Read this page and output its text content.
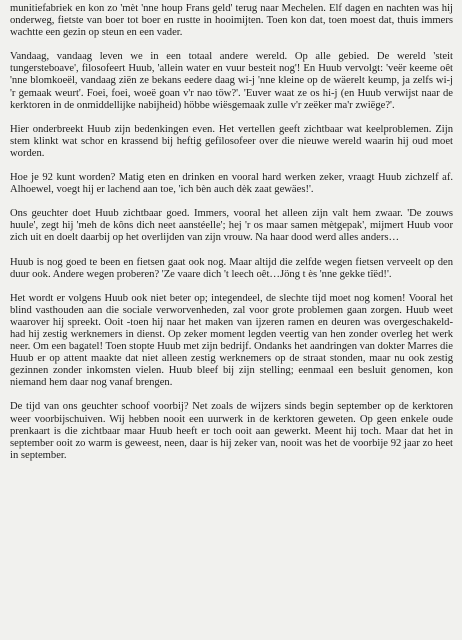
munitiefabriek en kon zo 'mèt 'nne houp Frans geld' terug naar Mechelen. Elf dagen en nachten was hij onderweg, fietste van boer tot boer en rustte in hooimijten. Toen kon dat, toen moest dat, thuis immers wachtte een gezin op steun en een vader.

Vandaag, vandaag leven we in een totaal andere wereld. Op alle gebied. De wereld 'steit tungersteboave', filosofeert Huub, 'allein water en vuur besteit nog'! En Huub vervolgt: 'veër keeme oêt 'nne blomkoeël, vandaag ziën ze bekans eedere daag wi-j 'nne kleine op de wäerelt keump, ja zelfs wi-j 'r gemaak weurt'. Foei, foei, woeë goan v'r nao töw?'. 'Euver waat ze os hi-j (en Huub verwijst naar de kerktoren in de onmiddellijke nabijheid) höbbe wiësgemaak zulle v'r zeëker ma'r zwiëge?'.

Hier onderbreekt Huub zijn bedenkingen even. Het vertellen geeft zichtbaar wat keelproblemen. Zijn stem klinkt wat schor en krassend bij heftig gefilosofeer over die nieuwe wereld waarin hij oud moet worden.

Hoe je 92 kunt worden? Matig eten en drinken en vooral hard werken zeker, vraagt Huub zichzelf af. Alhoewel, voegt hij er lachend aan toe, 'ich bèn auch dèk zaat gewäes!'.

Ons geuchter doet Huub zichtbaar goed. Immers, vooral het alleen zijn valt hem zwaar. 'De zouws huule', zegt hij 'meh de kôns dich neet aanstéelle'; hej 'r os maar samen mètgepak', mijmert Huub voor zich uit en doelt daarbij op het overlijden van zijn vrouw. Na haar dood werd alles anders…

Huub is nog goed te been en fietsen gaat ook nog. Maar altijd die zelfde wegen fietsen verveelt op den duur ook. Andere wegen proberen? 'Ze vaare dich 't leech oêt…Jöng t ès 'nne gekke tîëd!'.

Het wordt er volgens Huub ook niet beter op; integendeel, de slechte tijd moet nog komen! Vooral het blind vasthouden aan die sociale verworvenheden, zal voor grote problemen gaan zorgen. Huub weet waarover hij spreekt. Ooit -toen hij naar het maken van ijzeren ramen en deuren was overgeschakeld- had hij zestig werknemers in dienst. Op zeker moment legden veertig van hen zonder overleg het werk neer. Om een bagatel! Toen stopte Huub met zijn bedrijf. Ondanks het aandringen van dokter Marres die Huub er op attent maakte dat niet alleen zestig werknemers op de straat stonden, maar nu ook zestig gezinnen zonder inkomsten vielen. Huub bleef bij zijn stelling; eenmaal een besluit genomen, kon niemand hem daar nog vanaf brengen.

De tijd van ons geuchter schoof voorbij? Net zoals de wijzers sinds begin september op de kerktoren weer voorbijschuiven. Wij hebben nooit een uurwerk in de kerktoren geweten. Op geen enkele oude prenkaart is die zichtbaar maar Huub heeft er toch ooit aan gewerkt. Meent hij toch. Maar dat het in september ooit zo warm is geweest, neen, daar is hij zeker van, nooit was het de voorbije 92 jaar zo heet in september.
